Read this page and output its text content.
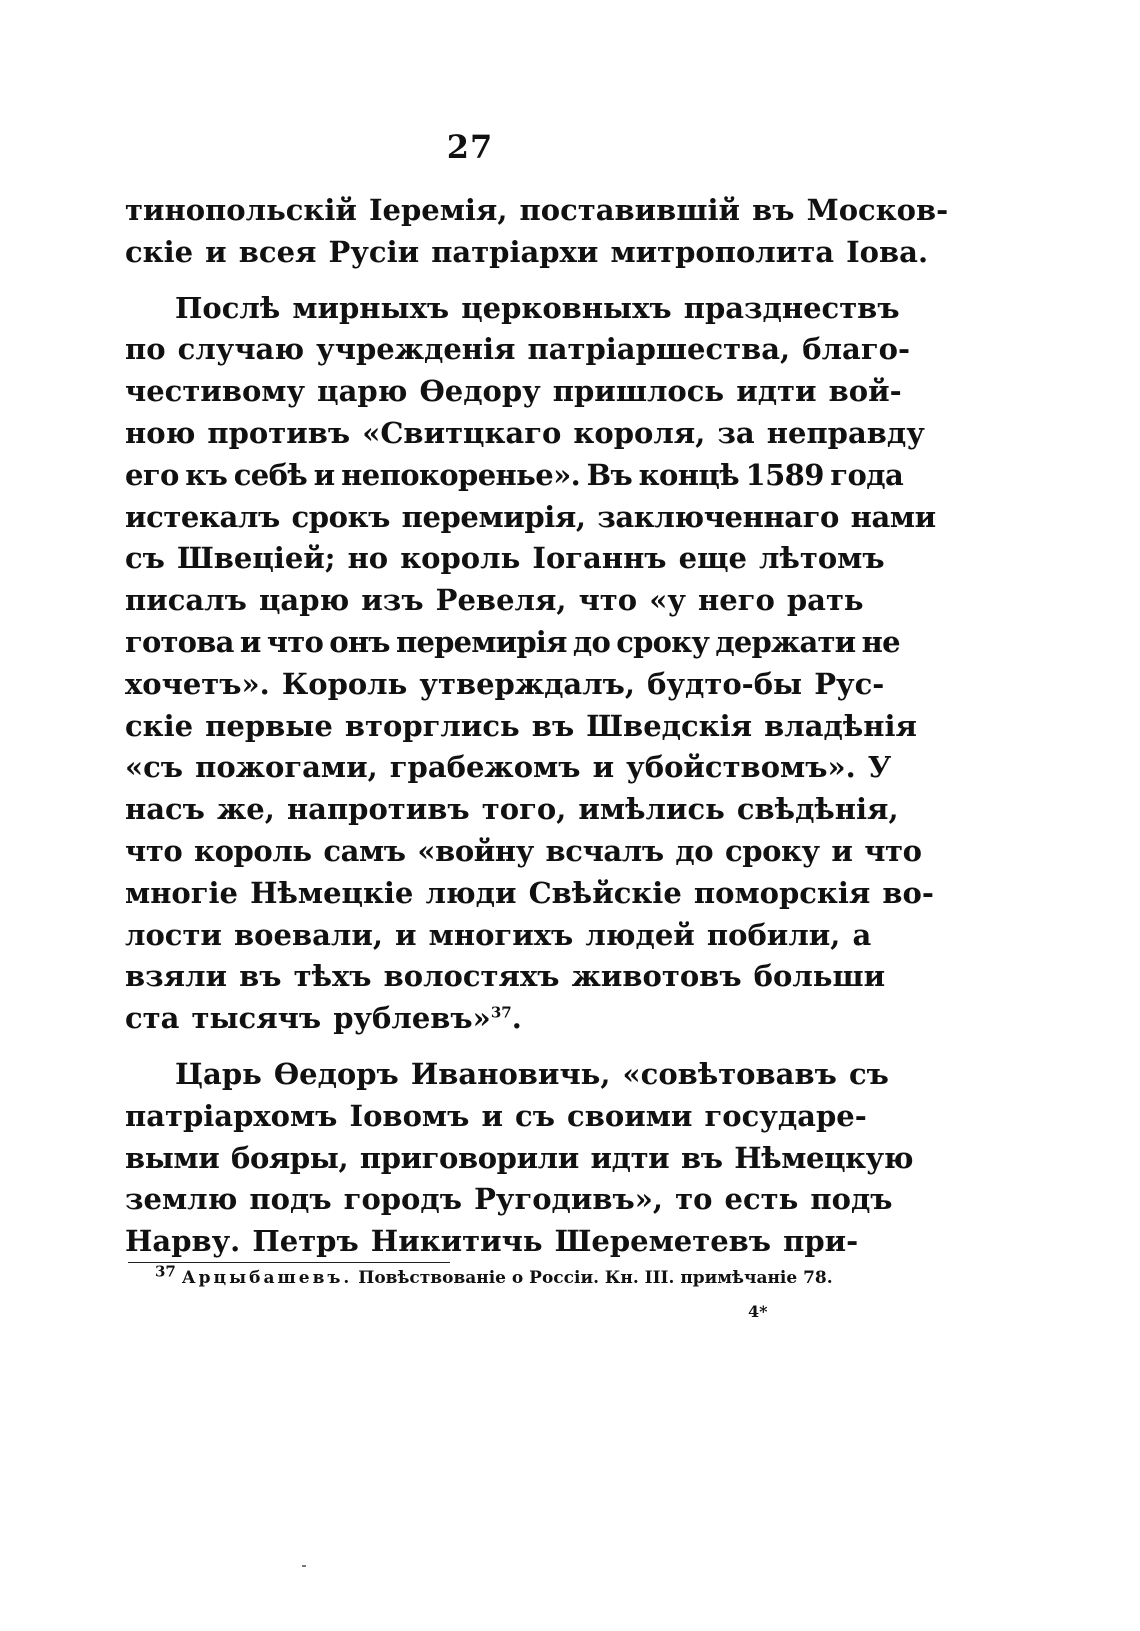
27
тинопольскій Іеремія, поставившій въ Москов-
скіе и всея Русіи патріархи митрополита Іова.
Послѣ мирныхъ церковныхъ празднествъ
по случаю учрежденія патріаршества, благо-
честивому царю Ѳедору пришлось идти вой-
ною противъ «Свитцкаго короля, за неправду
его къ себѣ и непокоренье». Въ концѣ 1589 года
истекалъ срокъ перемирія, заключеннаго нами
съ Швеціей; но король Іоганнъ еще лѣтомъ
писалъ царю изъ Ревеля, что «у него рать
готова и что онъ перемирія до сроку держати не
хочетъ». Король утверждалъ, будто-бы Рус-
скіе первые вторглись въ Шведскія владѣнія
«съ пожогами, грабежомъ и убойствомъ». У
насъ же, напротивъ того, имѣлись свѣдѣнія,
что король самъ «войну всчалъ до сроку и что
многіе Нѣмецкіе люди Свѣйскіе поморскія во-
лости воевали, и многихъ людей побили, а
взяли въ тѣхъ волостяхъ животовъ больши
ста тысячъ рублевъ»$^{37}$.
Царь Ѳедоръ Ивановичь, «совѣтовавъ съ
патріархомъ Іовомъ и съ своими государе-
выми бояры, приговорили идти въ Нѣмецкую
землю подъ городъ Ругодивъ», то есть подъ
Нарву. Петръ Никитичь Шереметевъ при-
$^{37}$ Арцыбашевъ. Повѣствованіе о Россіи. Кн. III. примѣчаніе 78.
4*
